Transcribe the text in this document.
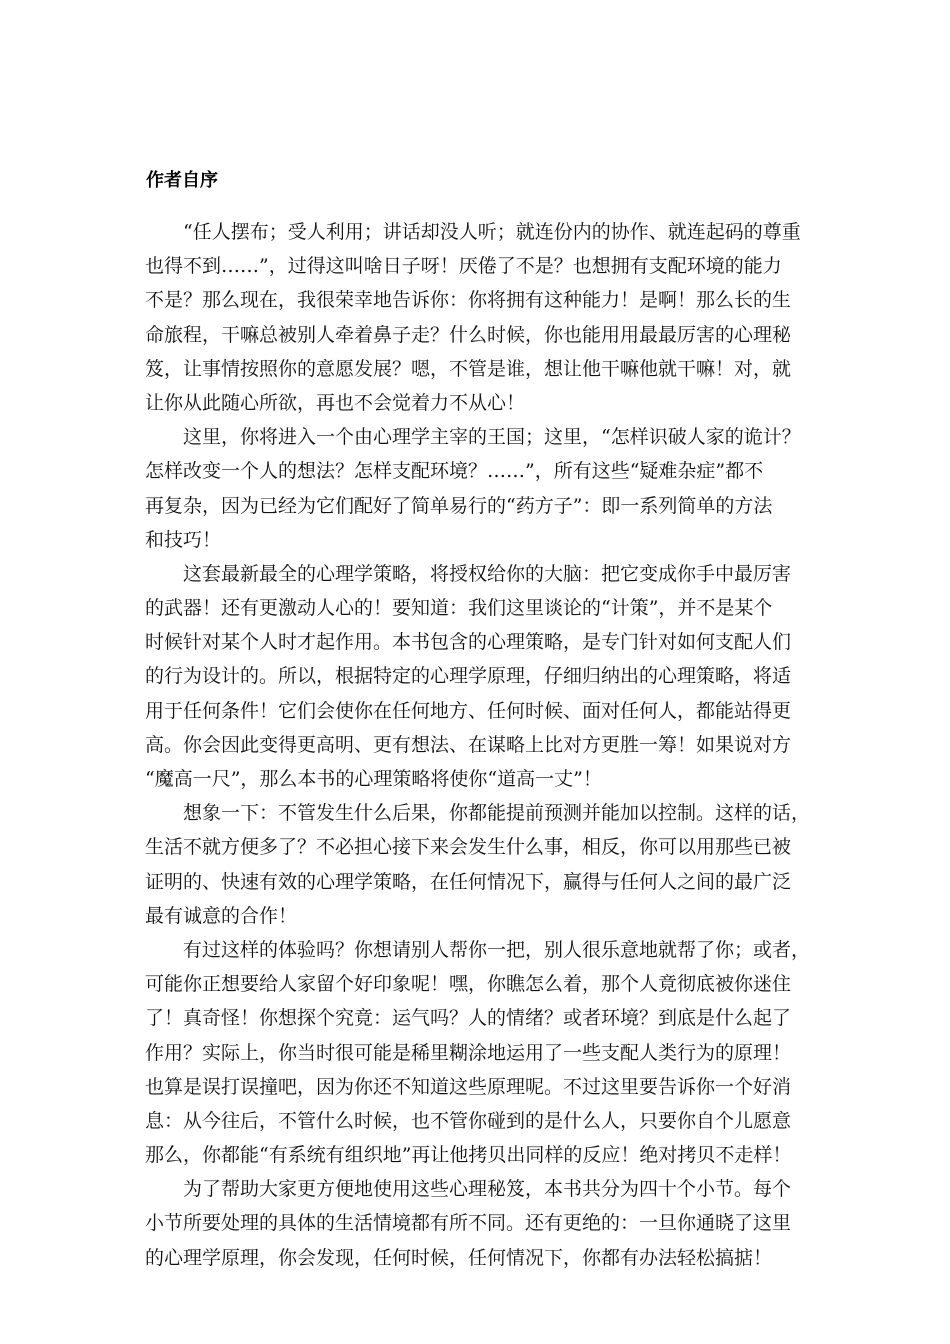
作者自序
“任人摆布；受人利用；讲话却没人听；就连份内的协作、就连起码的尊重
也得不到……”，过得这叫啥日子呀！厌倦了不是？也想拥有支配环境的能力
不是？那么现在，我很荣幸地告诉你：你将拥有这种能力！是啊！那么长的生
命旅程，干嘛总被别人牵着鼻子走？什么时候，你也能用用最最厉害的心理秘
笈，让事情按照你的意愿发展？嗯，不管是谁，想让他干嘛他就干嘛！对，就
让你从此随心所欲，再也不会觉着力不从心！
这里，你将进入一个由心理学主宰的王国；这里，“怎样识破人家的诡计？
怎样改变一个人的想法？怎样支配环境？……”，所有这些“疑难杂症”都不
再复杂，因为已经为它们配好了简单易行的“药方子”：即一系列简单的方法
和技巧！
这套最新最全的心理学策略，将授权给你的大脑：把它变成你手中最厉害
的武器！还有更激动人心的！要知道：我们这里谈论的“计策”，并不是某个
时候针对某个人时才起作用。本书包含的心理策略，是专门针对如何支配人们
的行为设计的。所以，根据特定的心理学原理，仔细归纳出的心理策略，将适
用于任何条件！它们会使你在任何地方、任何时候、面对任何人，都能站得更
高。你会因此变得更高明、更有想法、在谋略上比对方更胜一筹！如果说对方
“魔高一尺”，那么本书的心理策略将使你“道高一丈”！
想象一下：不管发生什么后果，你都能提前预测并能加以控制。这样的话，
生活不就方便多了？不必担心接下来会发生什么事，相反，你可以用那些已被
证明的、快速有效的心理学策略，在任何情况下，赢得与任何人之间的最广泛
最有诚意的合作！
有过这样的体验吗？你想请别人帮你一把，别人很乐意地就帮了你；或者，
可能你正想要给人家留个好印象呢！嘿，你瞧怎么着，那个人竟彻底被你迷住
了！真奇怪！你想探个究竟：运气吗？人的情绪？或者环境？到底是什么起了
作用？实际上，你当时很可能是稀里糊涂地运用了一些支配人类行为的原理！
也算是误打误撞吧，因为你还不知道这些原理呢。不过这里要告诉你一个好消
息：从今往后，不管什么时候，也不管你碰到的是什么人，只要你自个儿愿意
那么，你都能“有系统有组织地”再让他拷贝出同样的反应！绝对拷贝不走样！
为了帮助大家更方便地使用这些心理秘笈，本书共分为四十个小节。每个
小节所要处理的具体的生活情境都有所不同。还有更绝的：一旦你通晓了这里
的心理学原理，你会发现，任何时候，任何情况下，你都有办法轻松搞掂！
